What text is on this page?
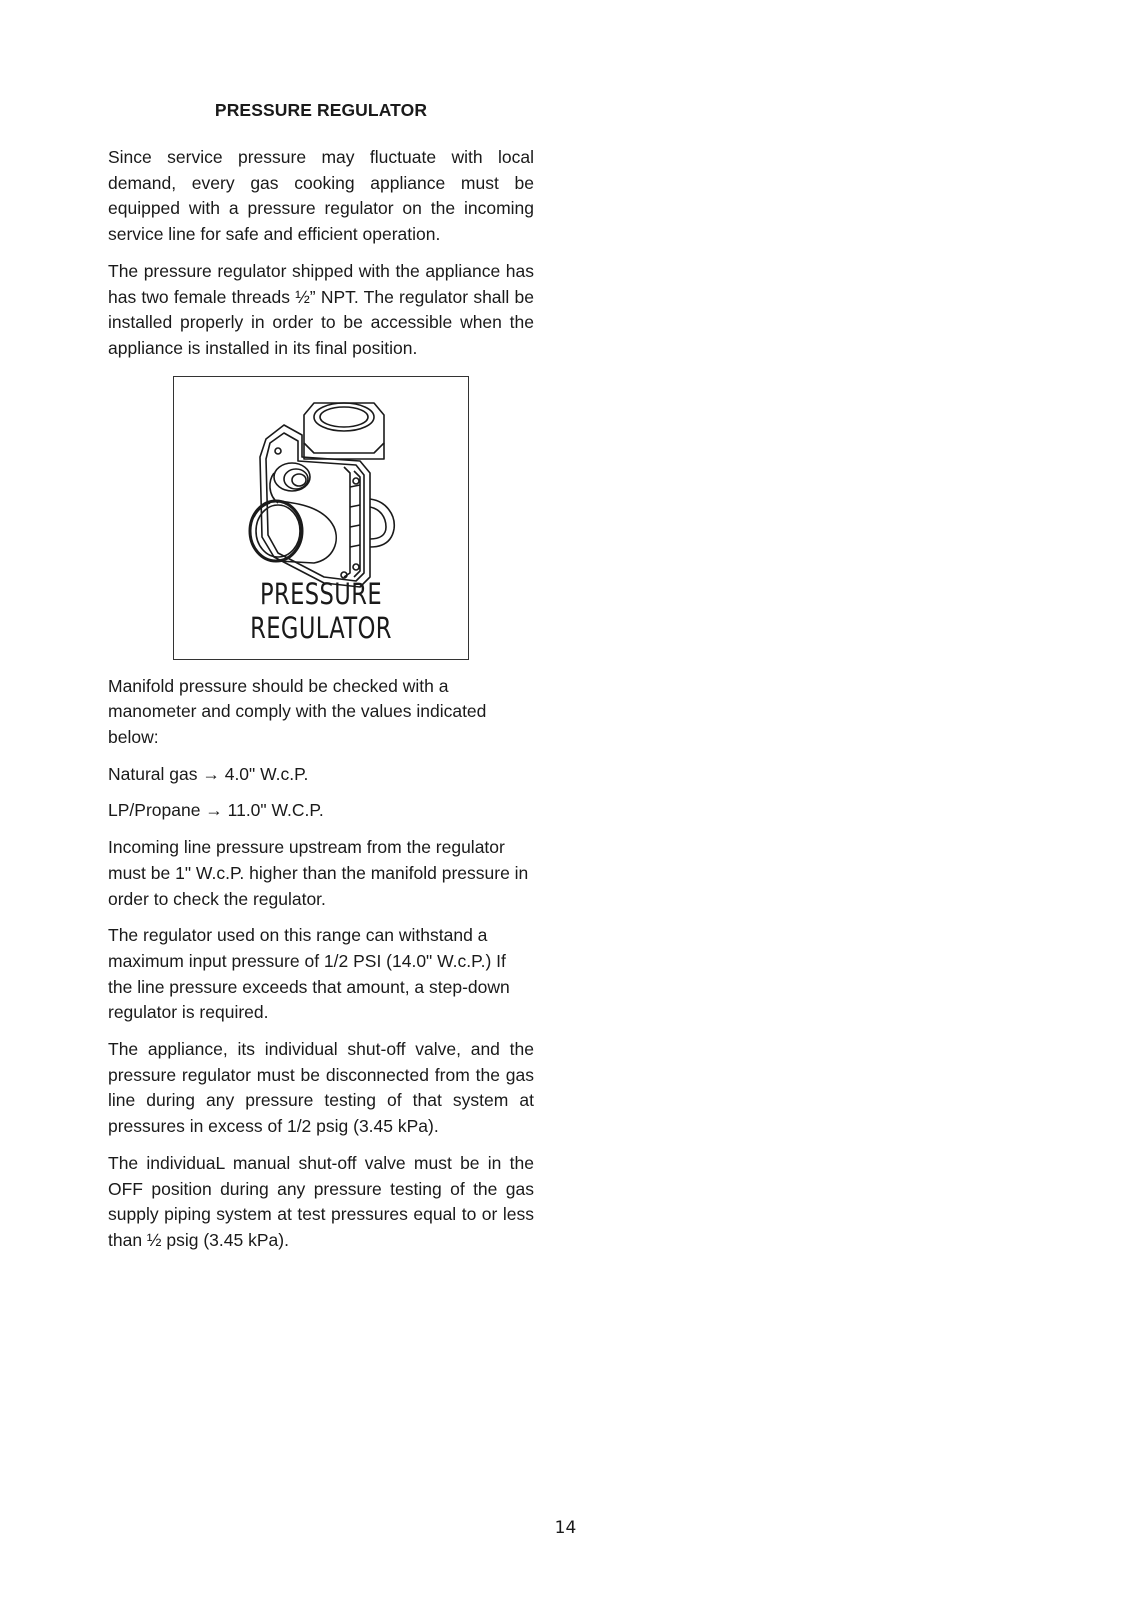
PRESSURE REGULATOR

Since service pressure may fluctuate with local demand, every gas cooking appliance must be equipped with a pressure regulator on the incoming service line for safe and efficient operation.

The pressure regulator shipped with the appliance has has two female threads ½” NPT. The regulator shall be installed properly in order to be accessible when the appliance is installed in its final position.

PRESSURE REGULATOR

Manifold pressure should be checked with a manometer and comply with the values indicated below:

Natural gas → 4.0" W.c.P.

LP/Propane → 11.0" W.C.P.

Incoming line pressure upstream from the regulator must be 1" W.c.P. higher than the manifold pressure in order to check the regulator.

The regulator used on this range can withstand a maximum input pressure of 1/2 PSI (14.0" W.c.P.) If the line pressure exceeds that amount, a step-down regulator is required.

The appliance, its individual shut-off valve, and the pressure regulator must be disconnected from the gas line during any pressure testing of that system at pressures in excess of 1/2 psig (3.45 kPa).

The individuaL manual shut-off valve must be in the OFF position during any pressure testing of the gas supply piping system at test pressures equal to or less than ½ psig (3.45 kPa).

14
